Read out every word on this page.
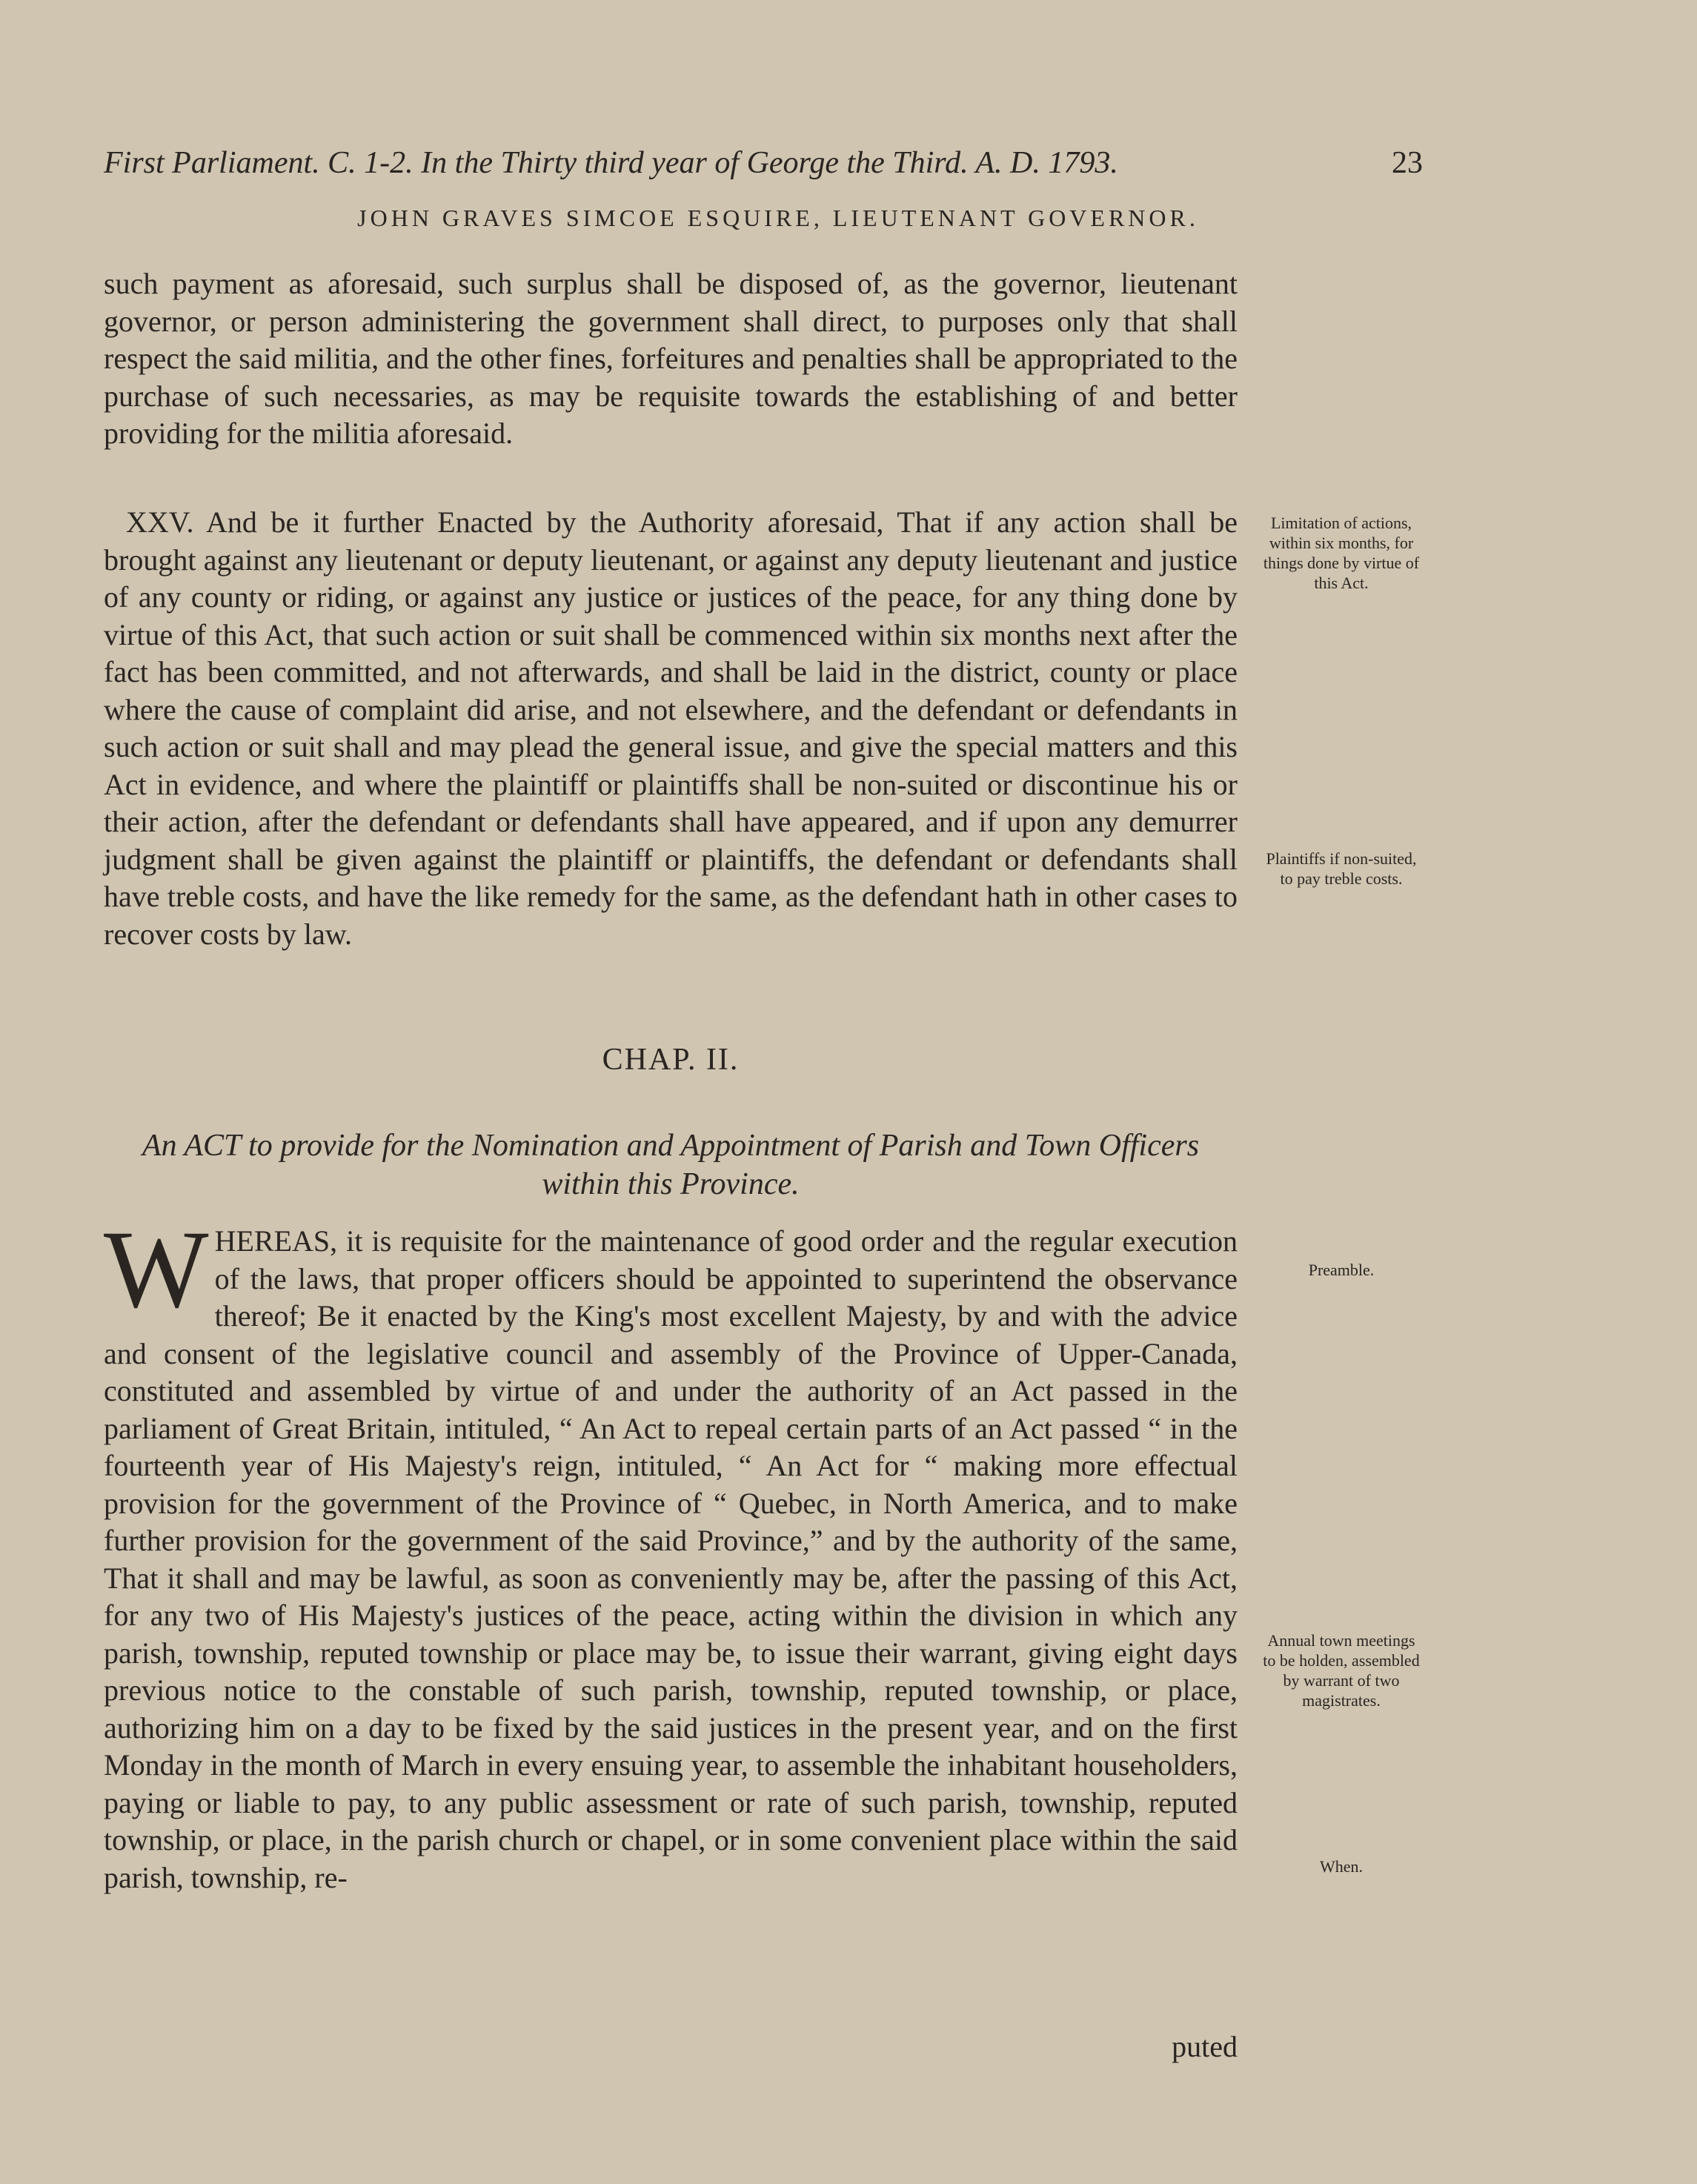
First Parliament. C. 1-2. In the Thirty third year of George the Third. A. D. 1793.	23
JOHN GRAVES SIMCOE ESQUIRE, LIEUTENANT GOVERNOR.

such payment as aforesaid, such surplus shall be disposed of, as the governor, lieutenant governor, or person administering the government shall direct, to purposes only that shall respect the said militia, and the other fines, forfeitures and penalties shall be appropriated to the purchase of such necessaries, as may be requisite towards the establishing of and better providing for the militia aforesaid.

XXV. And be it further Enacted by the Authority aforesaid, That if any action shall be brought against any lieutenant or deputy lieutenant, or against any deputy lieutenant and justice of any county or riding, or against any justice or justices of the peace, for any thing done by virtue of this Act, that such action or suit shall be commenced within six months next after the fact has been committed, and not afterwards, and shall be laid in the district, county or place where the cause of complaint did arise, and not elsewhere, and the defendant or defendants in such action or suit shall and may plead the general issue, and give the special matters and this Act in evidence, and where the plaintiff or plaintiffs shall be non-suited or discontinue his or their action, after the defendant or defendants shall have appeared, and if upon any demurrer judgment shall be given against the plaintiff or plaintiffs, the defendant or defendants shall have treble costs, and have the like remedy for the same, as the defendant hath in other cases to recover costs by law.

CHAP. II.
An ACT to provide for the Nomination and Appointment of Parish and Town Officers within this Province.
W HEREAS, it is requisite for the maintenance of good order and the regular execution of the laws, that proper officers should be appointed to superintend the observance thereof; Be it enacted by the King's most excellent Majesty, by and with the advice and consent of the legislative council and assembly of the Province of Upper-Canada, constituted and assembled by virtue of and under the authority of an Act passed in the parliament of Great Britain, intituled, “ An Act to repeal certain parts of an Act passed “ in the fourteenth year of His Majesty's reign, intituled, “ An Act for “ making more effectual provision for the government of the Province of “ Quebec, in North America, and to make further provision for the government of the said Province,” and by the authority of the same, That it shall and may be lawful, as soon as conveniently may be, after the passing of this Act, for any two of His Majesty's justices of the peace, acting within the division in which any parish, township, reputed township or place may be, to issue their warrant, giving eight days previous notice to the constable of such parish, township, reputed township, or place, authorizing him on a day to be fixed by the said justices in the present year, and on the first Monday in the month of March in every ensuing year, to assemble the inhabitant householders, paying or liable to pay, to any public assessment or rate of such parish, township, reputed township, or place, in the parish church or chapel, or in some convenient place within the said parish, township, re-

puted
Limitation of actions, within six months, for things done by virtue of this Act.
Plaintiffs if non-suited, to pay treble costs.
Preamble.
Annual town meetings to be holden, assembled by warrant of two magistrates.
When.
